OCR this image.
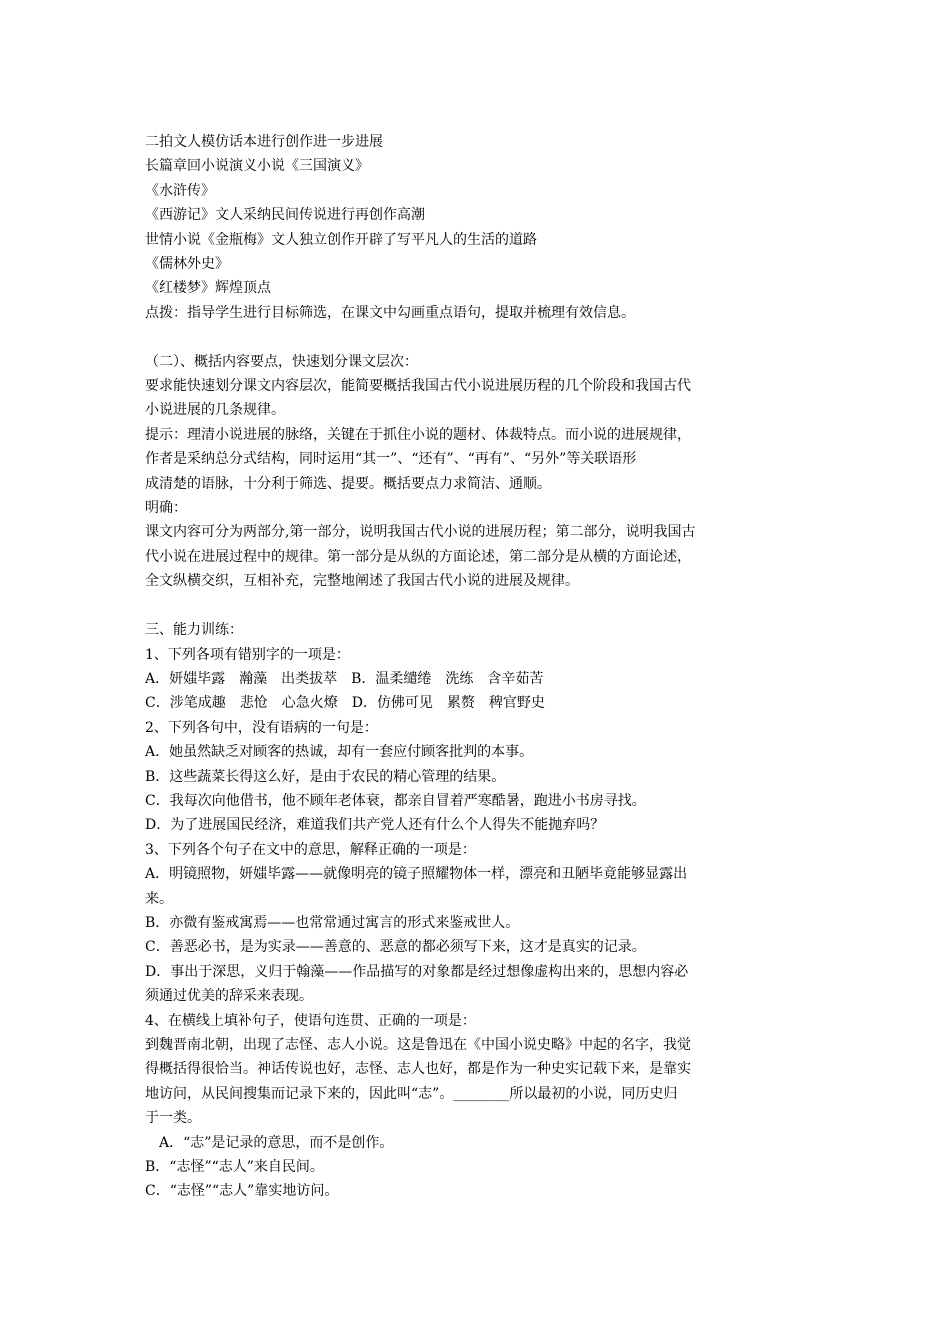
二拍文人模仿话本进行创作进一步进展
长篇章回小说演义小说《三国演义》
《水浒传》
《西游记》文人采纳民间传说进行再创作高潮
世情小说《金瓶梅》文人独立创作开辟了写平凡人的生活的道路
《儒林外史》
《红楼梦》辉煌顶点
点拨：指导学生进行目标筛选，在课文中勾画重点语句，提取并梳理有效信息。
（二）、概括内容要点，快速划分课文层次：
要求能快速划分课文内容层次，能简要概括我国古代小说进展历程的几个阶段和我国古代
小说进展的几条规律。
提示：理清小说进展的脉络，关键在于抓住小说的题材、体裁特点。而小说的进展规律，
作者是采纳总分式结构，同时运用“其一”、“还有”、“再有”、“另外”等关联语形
成清楚的语脉，十分利于筛选、提要。概括要点力求简洁、通顺。
明确：
课文内容可分为两部分,第一部分，说明我国古代小说的进展历程；第二部分，说明我国古
代小说在进展过程中的规律。第一部分是从纵的方面论述，第二部分是从横的方面论述，
全文纵横交织，互相补充，完整地阐述了我国古代小说的进展及规律。
三、能力训练：
1、下列各项有错别字的一项是：
A．妍媸毕露　瀚藻　出类拔萃　B．温柔缱绻　洗练　含辛茹苦
C．涉笔成趣　悲怆　心急火燎　D．仿佛可见　累赘　稗官野史
2、下列各句中，没有语病的一句是：
A．她虽然缺乏对顾客的热诚，却有一套应付顾客批判的本事。
B．这些蔬菜长得这么好，是由于农民的精心管理的结果。
C．我每次向他借书，他不顾年老体衰，都亲自冒着严寒酷暑，跑进小书房寻找。
D．为了进展国民经济，难道我们共产党人还有什么个人得失不能抛弃吗？
3、下列各个句子在文中的意思，解释正确的一项是：
A．明镜照物，妍媸毕露——就像明亮的镜子照耀物体一样，漂亮和丑陋毕竟能够显露出
来。
B．亦微有鉴戒寓焉——也常常通过寓言的形式来鉴戒世人。
C．善恶必书，是为实录——善意的、恶意的都必须写下来，这才是真实的记录。
D．事出于深思，义归于翰藻——作品描写的对象都是经过想像虚构出来的，思想内容必
须通过优美的辞采来表现。
4、在横线上填补句子，使语句连贯、正确的一项是：
到魏晋南北朝，出现了志怪、志人小说。这是鲁迅在《中国小说史略》中起的名字，我觉
得概括得很恰当。神话传说也好，志怪、志人也好，都是作为一种史实记载下来，是靠实
地访问，从民间搜集而记录下来的，因此叫“志”。________所以最初的小说，同历史归
于一类。
A．“志”是记录的意思，而不是创作。
B．“志怪”“志人”来自民间。
C．“志怪”“志人”靠实地访问。
